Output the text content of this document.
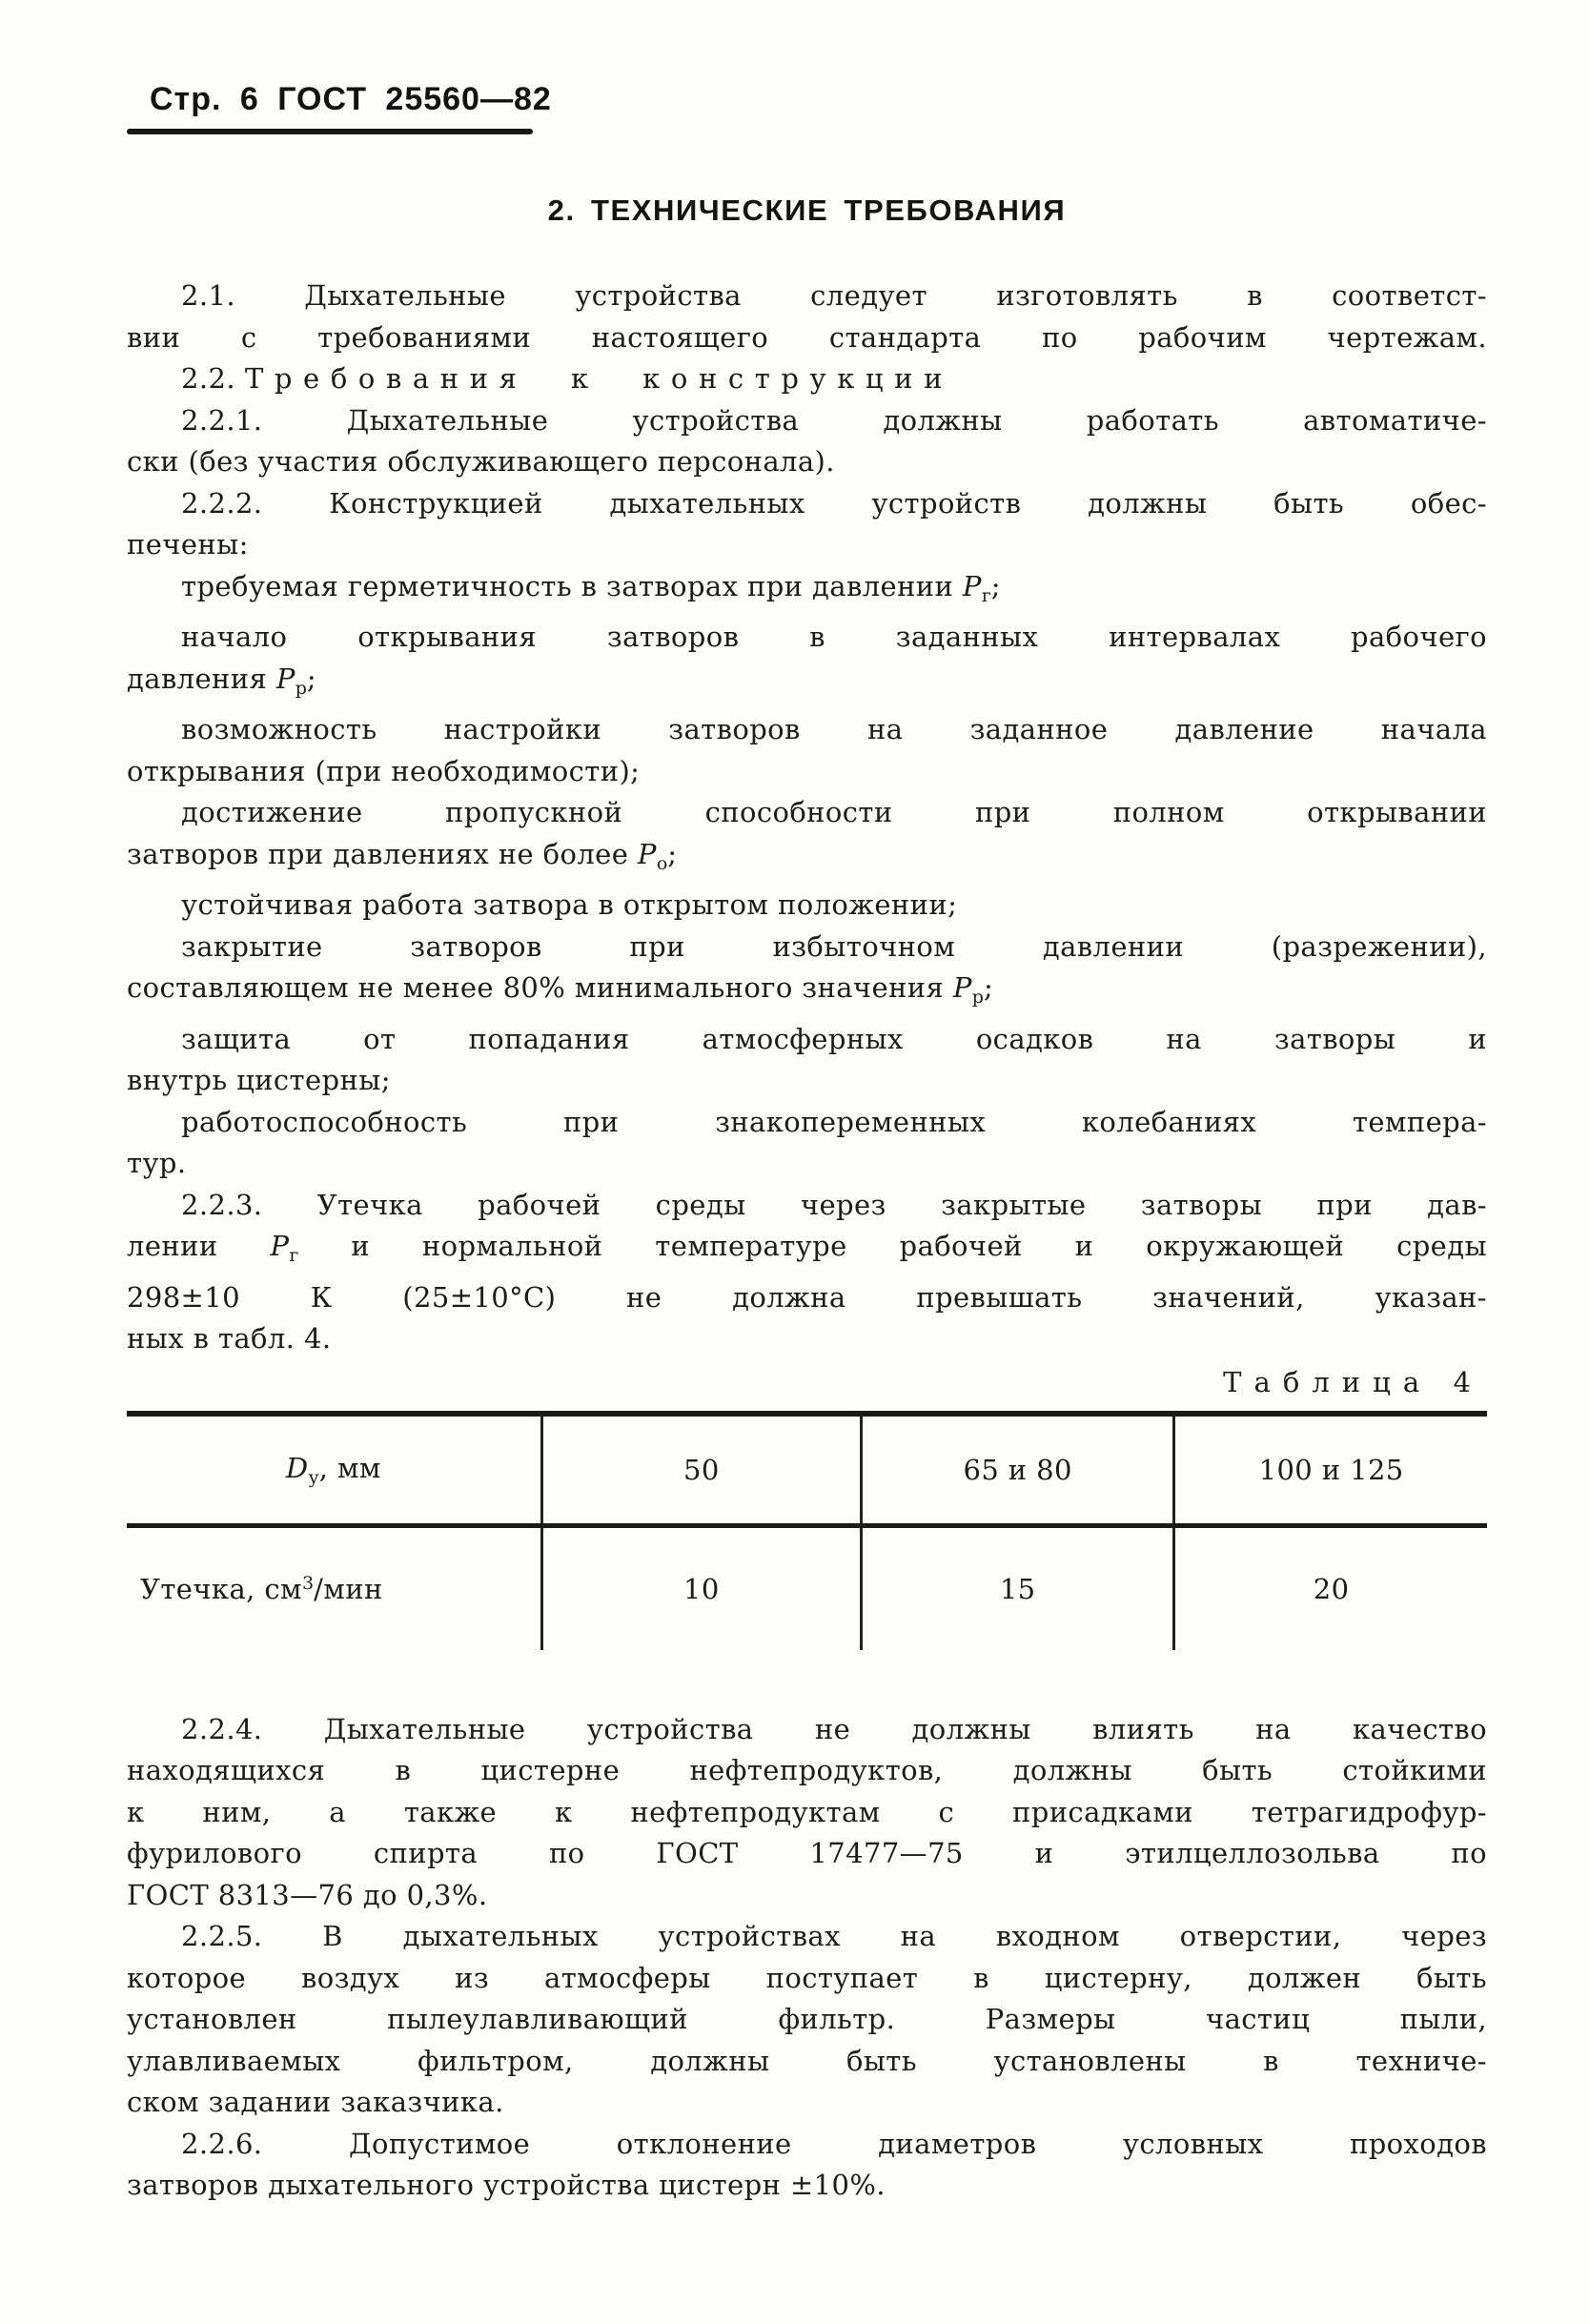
Стр. 6 ГОСТ 25560—82
2. ТЕХНИЧЕСКИЕ ТРЕБОВАНИЯ
2.1. Дыхательные устройства следует изготовлять в соответст-
вии с требованиями настоящего стандарта по рабочим чертежам.
2.2. Требования к конструкции
2.2.1. Дыхательные устройства должны работать автоматиче-
ски (без участия обслуживающего персонала).
2.2.2. Конструкцией дыхательных устройств должны быть обес-
печены:
требуемая герметичность в затворах при давлении $Р_г$;
начало открывания затворов в заданных интервалах рабочего
давления $Р_р$;
возможность настройки затворов на заданное давление начала
открывания (при необходимости);
достижение пропускной способности при полном открывании
затворов при давлениях не более $Р_о$;
устойчивая работа затвора в открытом положении;
закрытие затворов при избыточном давлении (разрежении),
составляющем не менее 80% минимального значения $Р_р$;
защита от попадания атмосферных осадков на затворы и
внутрь цистерны;
работоспособность при знакопеременных колебаниях темпера-
тур.
2.2.3. Утечка рабочей среды через закрытые затворы при дав-
лении $Р_г$ и нормальной температуре рабочей и окружающей среды
298±10 К (25±10°С) не должна превышать значений, указан-
ных в табл. 4.
Таблица 4
$D_у$, мм	50	65 и 80	100 и 125
Утечка, $см^3$/мин	10	15	20
2.2.4. Дыхательные устройства не должны влиять на качество
находящихся в цистерне нефтепродуктов, должны быть стойкими
к ним, а также к нефтепродуктам с присадками тетрагидрофур-
фурилового спирта по ГОСТ 17477—75 и этилцеллозольва по
ГОСТ 8313—76 до 0,3%.
2.2.5. В дыхательных устройствах на входном отверстии, через
которое воздух из атмосферы поступает в цистерну, должен быть
установлен пылеулавливающий фильтр. Размеры частиц пыли,
улавливаемых фильтром, должны быть установлены в техниче-
ском задании заказчика.
2.2.6. Допустимое отклонение диаметров условных проходов
затворов дыхательного устройства цистерн ±10%.
